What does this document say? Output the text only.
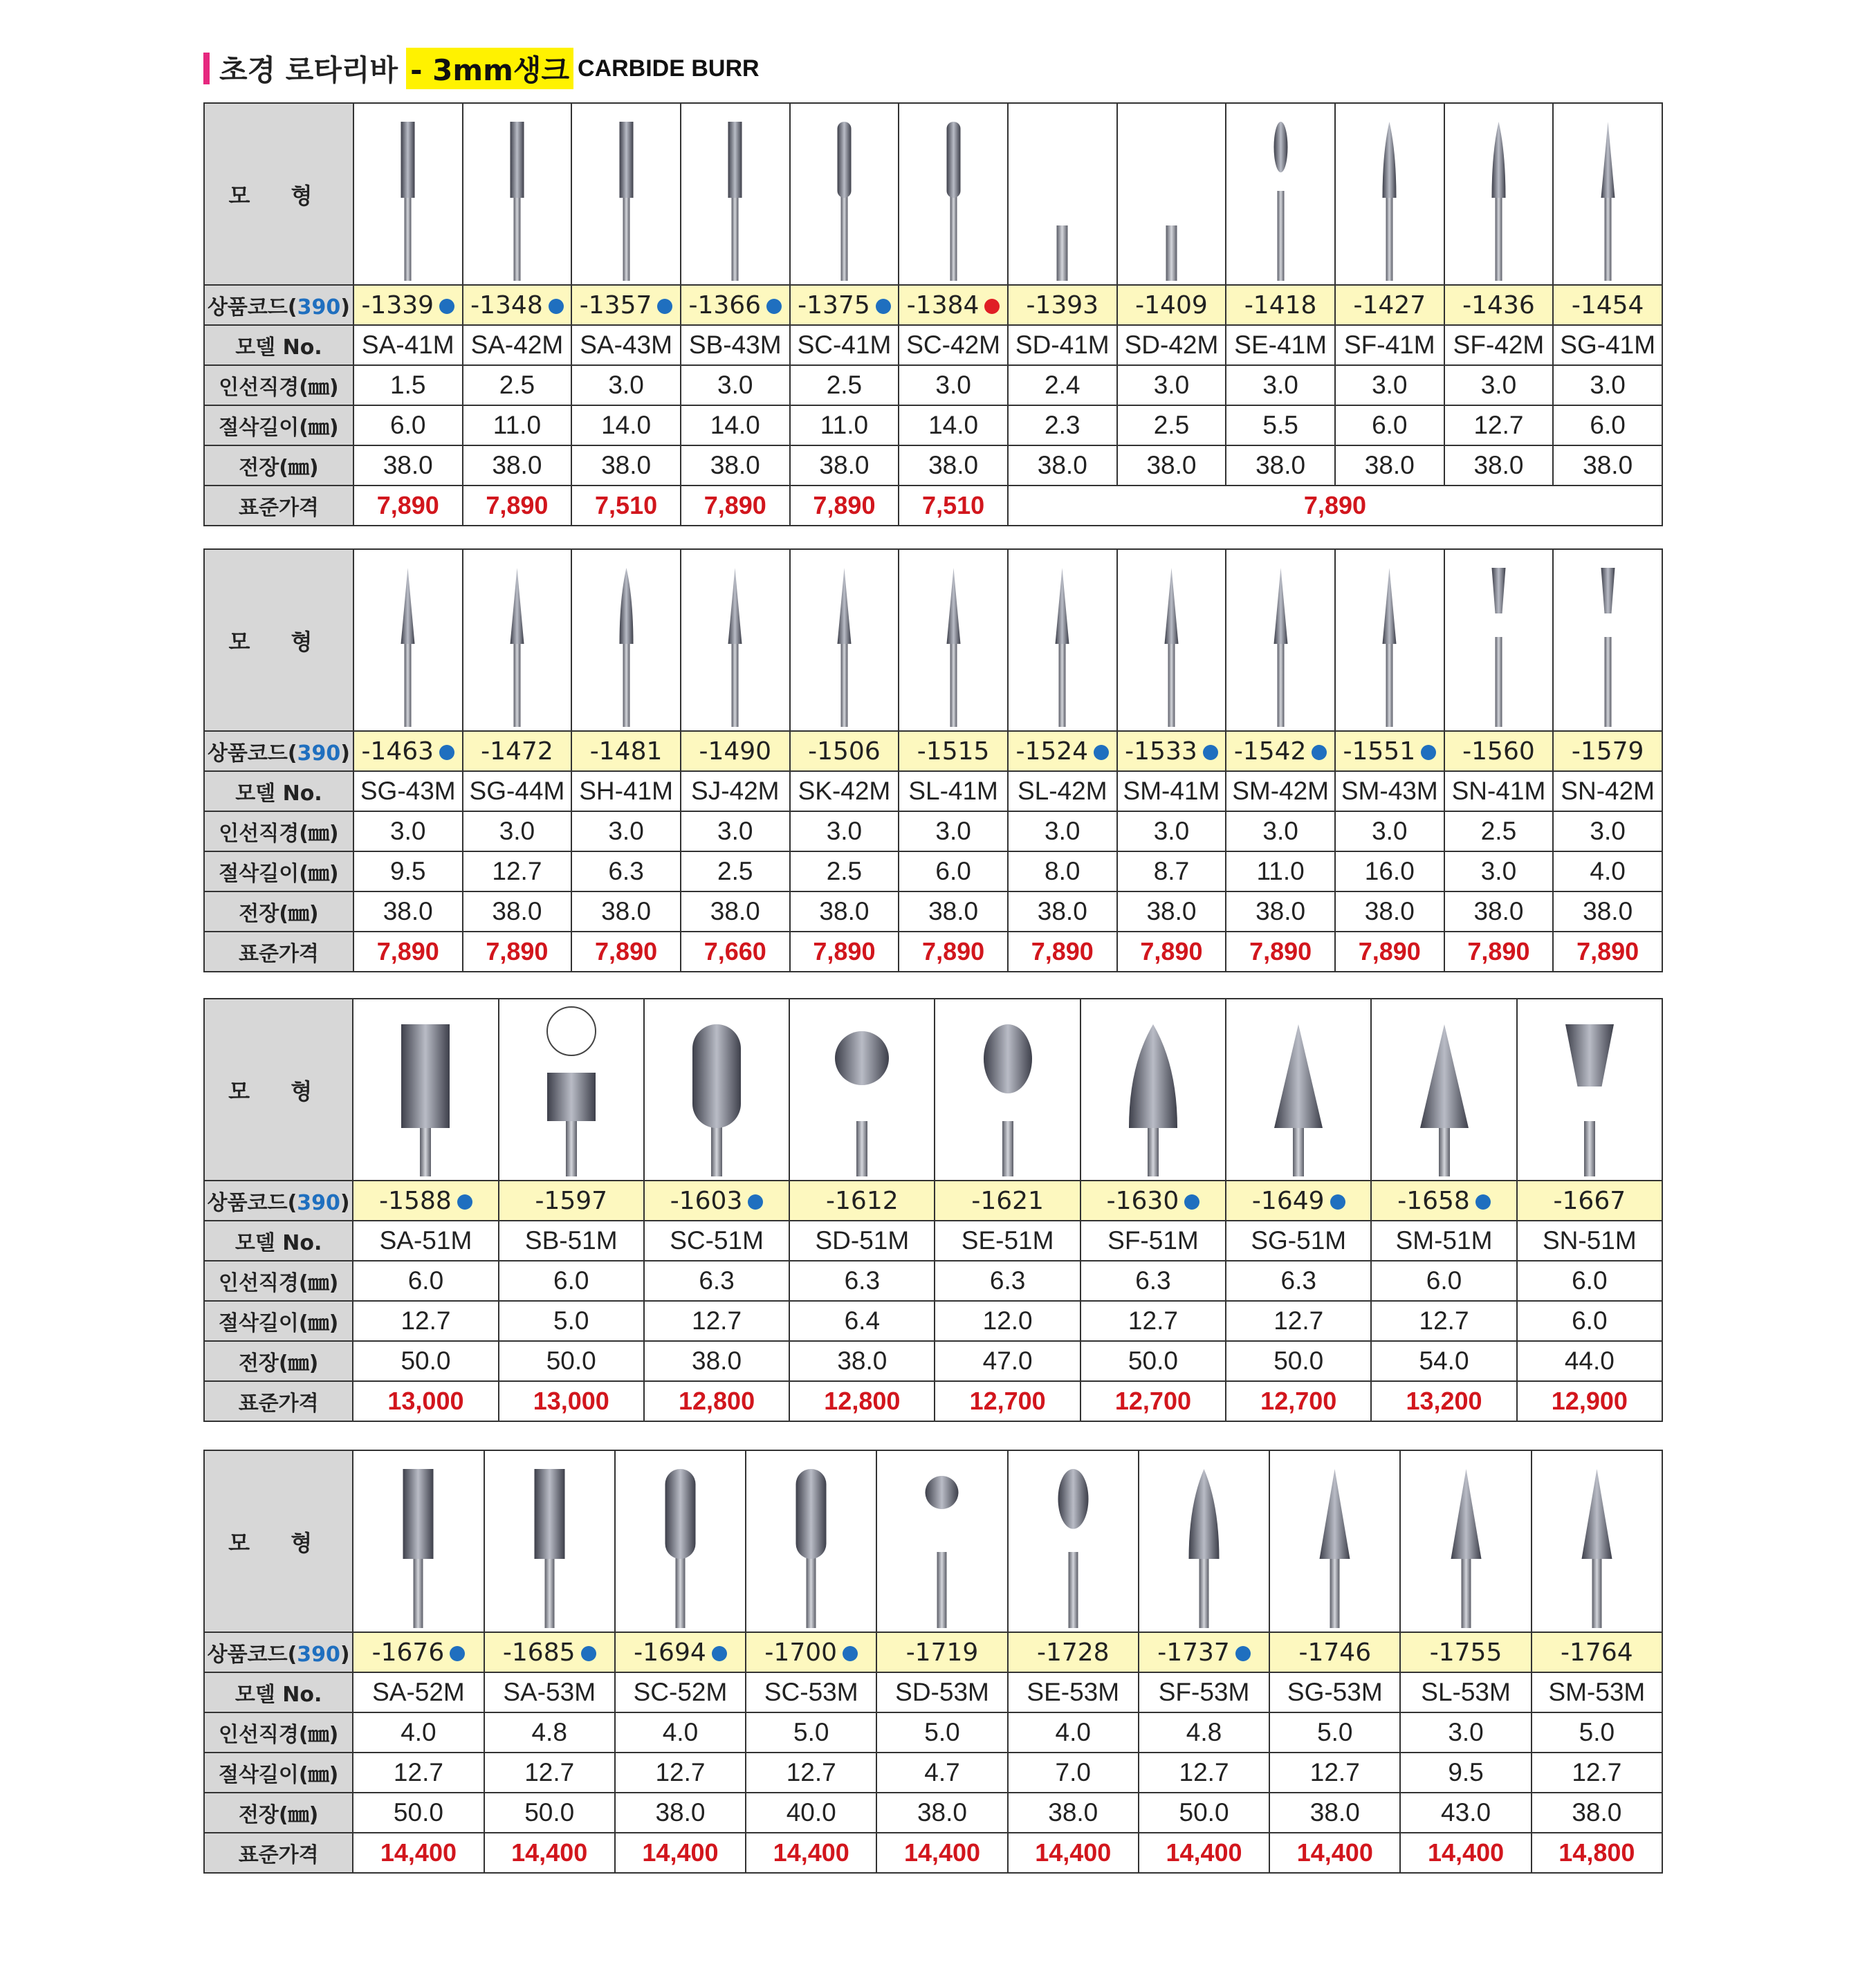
초경 로타리바 - 3mm생크 CARBIDE BURR
모 형	

상품코드(390)	-1339	-1348	-1357	-1366	-1375	-1384	-1393	-1409	-1418	-1427	-1436	-1454
모델 No.	SA-41M	SA-42M	SA-43M	SB-43M	SC-41M	SC-42M	SD-41M	SD-42M	SE-41M	SF-41M	SF-42M	SG-41M
인선직경(㎜)	1.5	2.5	3.0	3.0	2.5	3.0	2.4	3.0	3.0	3.0	3.0	3.0
절삭길이(㎜)	6.0	11.0	14.0	14.0	11.0	14.0	2.3	2.5	5.5	6.0	12.7	6.0
전장(㎜)	38.0	38.0	38.0	38.0	38.0	38.0	38.0	38.0	38.0	38.0	38.0	38.0
표준가격	7,890	7,890	7,510	7,890	7,890	7,510	7,890					
모 형	

상품코드(390)	-1463	-1472	-1481	-1490	-1506	-1515	-1524	-1533	-1542	-1551	-1560	-1579
모델 No.	SG-43M	SG-44M	SH-41M	SJ-42M	SK-42M	SL-41M	SL-42M	SM-41M	SM-42M	SM-43M	SN-41M	SN-42M
인선직경(㎜)	3.0	3.0	3.0	3.0	3.0	3.0	3.0	3.0	3.0	3.0	2.5	3.0
절삭길이(㎜)	9.5	12.7	6.3	2.5	2.5	6.0	8.0	8.7	11.0	16.0	3.0	4.0
전장(㎜)	38.0	38.0	38.0	38.0	38.0	38.0	38.0	38.0	38.0	38.0	38.0	38.0
표준가격	7,890	7,890	7,890	7,660	7,890	7,890	7,890	7,890	7,890	7,890	7,890	7,890
모 형	

상품코드(390)	-1588	-1597	-1603	-1612	-1621	-1630	-1649	-1658	-1667
모델 No.	SA-51M	SB-51M	SC-51M	SD-51M	SE-51M	SF-51M	SG-51M	SM-51M	SN-51M
인선직경(㎜)	6.0	6.0	6.3	6.3	6.3	6.3	6.3	6.0	6.0
절삭길이(㎜)	12.7	5.0	12.7	6.4	12.0	12.7	12.7	12.7	6.0
전장(㎜)	50.0	50.0	38.0	38.0	47.0	50.0	50.0	54.0	44.0
표준가격	13,000	13,000	12,800	12,800	12,700	12,700	12,700	13,200	12,900
모 형	

상품코드(390)	-1676	-1685	-1694	-1700	-1719	-1728	-1737	-1746	-1755	-1764
모델 No.	SA-52M	SA-53M	SC-52M	SC-53M	SD-53M	SE-53M	SF-53M	SG-53M	SL-53M	SM-53M
인선직경(㎜)	4.0	4.8	4.0	5.0	5.0	4.0	4.8	5.0	3.0	5.0
절삭길이(㎜)	12.7	12.7	12.7	12.7	4.7	7.0	12.7	12.7	9.5	12.7
전장(㎜)	50.0	50.0	38.0	40.0	38.0	38.0	50.0	38.0	43.0	38.0
표준가격	14,400	14,400	14,400	14,400	14,400	14,400	14,400	14,400	14,400	14,800
